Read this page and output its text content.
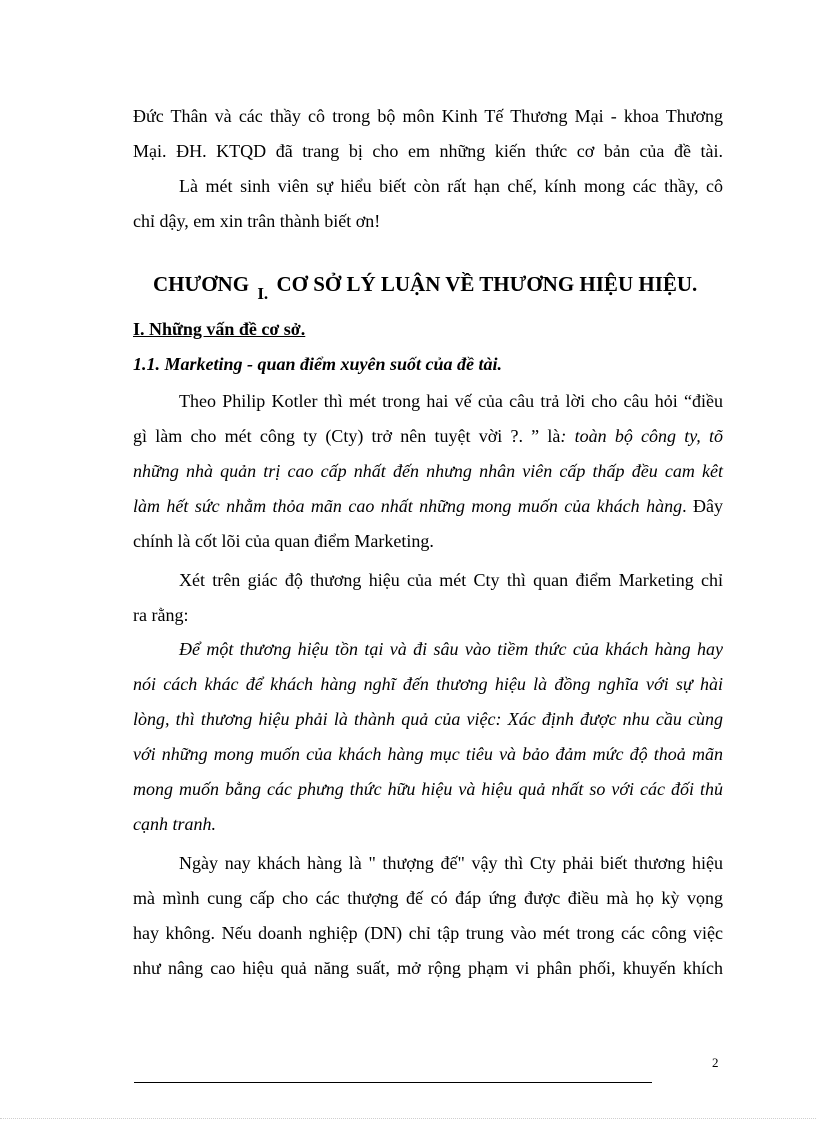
Đức Thân và các thầy cô trong bộ môn Kinh Tế Thương Mại - khoa Thương
Mại. ĐH. KTQD đã trang bị cho em những kiến thức cơ bản của đề tài.
Là mét sinh viên sự hiểu biết còn rất hạn chế, kính mong các thầy, cô
chỉ dậy, em xin trân thành biết ơn!
CHƯƠNG $_{I.}$ CƠ SỞ LÝ LUẬN VỀ THƯƠNG HIỆU HIỆU.
I. Những vấn đề cơ sở.
1.1. Marketing - quan điểm xuyên suốt của đề tài.
Theo Philip Kotler thì mét trong hai vế của câu trả lời cho câu hỏi “điều
gì làm cho mét công ty (Cty) trở nên tuyệt vời ?. ” là: toàn bộ công ty, tõ
những nhà quản trị cao cấp nhất đến nhưng nhân viên cấp thấp đều cam kêt
làm hết sức nhằm thỏa mãn cao nhất những mong muốn của khách hàng. Đây
chính là cốt lõi của quan điểm Marketing.
Xét trên giác độ thương hiệu của mét Cty thì quan điểm Marketing chỉ
ra rằng:
Để một thương hiệu tồn tại và đi sâu vào tiềm thức của khách hàng hay
nói cách khác để khách hàng nghĩ đến thương hiệu là đồng nghĩa với sự hài
lòng, thì thương hiệu phải là thành quả của việc: Xác định được nhu cầu cùng
với những mong muốn của khách hàng mục tiêu và bảo đảm mức độ thoả mãn
mong muốn bằng các phưng thức hữu hiệu và hiệu quả nhất so với các đối thủ
cạnh tranh.
Ngày nay khách hàng là " thượng đế" vậy thì Cty phải biết thương hiệu
mà mình cung cấp cho các thượng đế có đáp ứng được điều mà họ kỳ vọng
hay không. Nếu doanh nghiệp (DN) chỉ tập trung vào mét trong các công việc
như nâng cao hiệu quả năng suất, mở rộng phạm vi phân phối, khuyến khích
2
